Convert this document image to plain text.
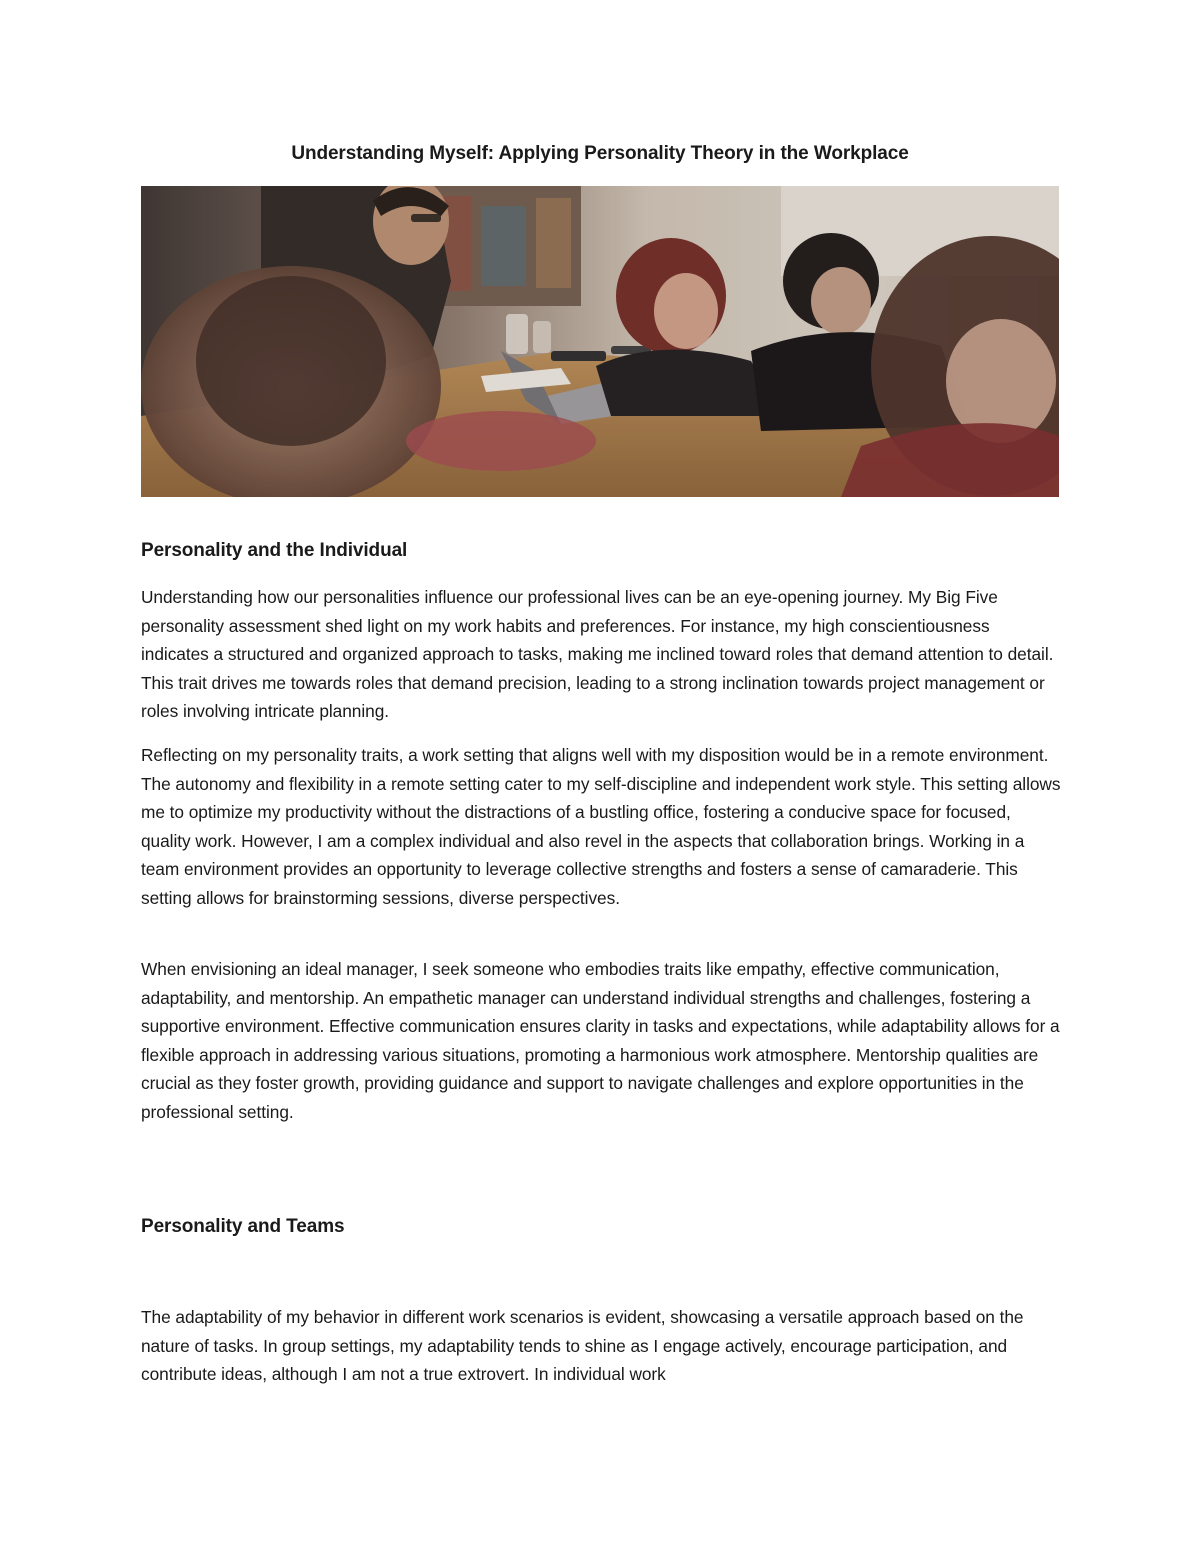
Understanding Myself: Applying Personality Theory in the Workplace
Personality and the Individual

Understanding how our personalities influence our professional lives can be an eye-opening journey. My Big Five personality assessment shed light on my work habits and preferences. For instance, my high conscientiousness indicates a structured and organized approach to tasks, making me inclined toward roles that demand attention to detail. This trait drives me towards roles that demand precision, leading to a strong inclination towards project management or roles involving intricate planning.

Reflecting on my personality traits, a work setting that aligns well with my disposition would be in a remote environment. The autonomy and flexibility in a remote setting cater to my self-discipline and independent work style. This setting allows me to optimize my productivity without the distractions of a bustling office, fostering a conducive space for focused, quality work. However, I am a complex individual and also revel in the aspects that collaboration brings. Working in a team environment provides an opportunity to leverage collective strengths and fosters a sense of camaraderie. This setting allows for brainstorming sessions, diverse perspectives.

When envisioning an ideal manager, I seek someone who embodies traits like empathy, effective communication, adaptability, and mentorship. An empathetic manager can understand individual strengths and challenges, fostering a supportive environment. Effective communication ensures clarity in tasks and expectations, while adaptability allows for a flexible approach in addressing various situations, promoting a harmonious work atmosphere. Mentorship qualities are crucial as they foster growth, providing guidance and support to navigate challenges and explore opportunities in the professional setting.

Personality and Teams

The adaptability of my behavior in different work scenarios is evident, showcasing a versatile approach based on the nature of tasks. In group settings, my adaptability tends to shine as I engage actively, encourage participation, and contribute ideas, although I am not a true extrovert. In individual work
